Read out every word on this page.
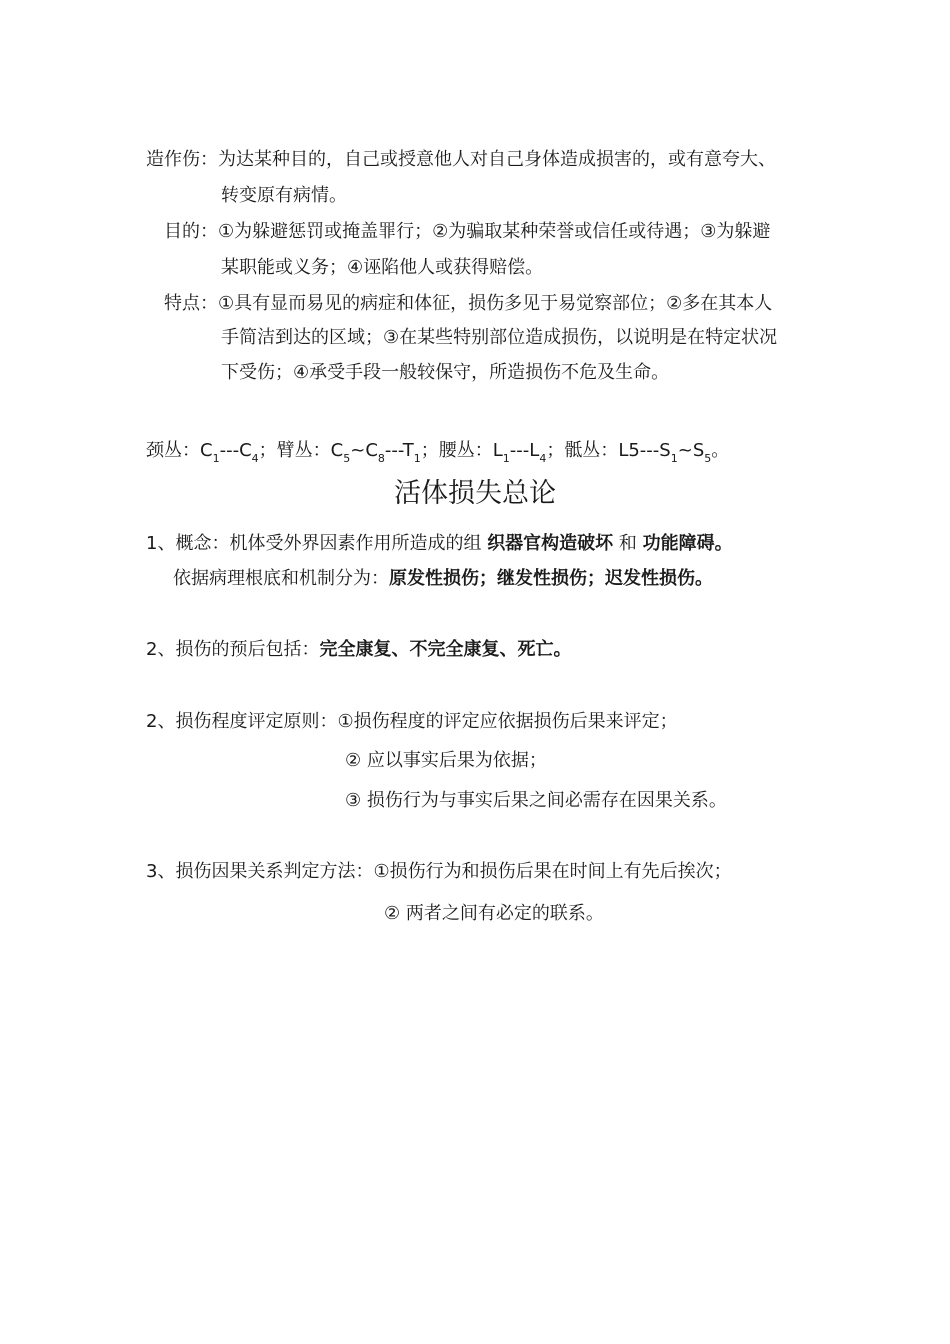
造作伤：为达某种目的，自己或授意他人对自己身体造成损害的，或有意夸大、
转变原有病情。
目的：①为躲避惩罚或掩盖罪行；②为骗取某种荣誉或信任或待遇；③为躲避
某职能或义务；④诬陷他人或获得赔偿。
特点：①具有显而易见的病症和体征，损伤多见于易觉察部位；②多在其本人
手简洁到达的区域；③在某些特别部位造成损伤，以说明是在特定状况
下受伤；④承受手段一般较保守，所造损伤不危及生命。
颈丛：$C_1---C_4$；臂丛：$C_5\sim C_8---T_1$；腰丛：$L_1---L_4$；骶丛：$L5---S_1\sim S_5$。
活体损失总论
1、概念：机体受外界因素作用所造成的组 织器官构造破坏 和 功能障碍。
依据病理根底和机制分为：原发性损伤；继发性损伤；迟发性损伤。
2、损伤的预后包括：完全康复、不完全康复、死亡。
2、损伤程度评定原则：①损伤程度的评定应依据损伤后果来评定；
② 应以事实后果为依据；
③ 损伤行为与事实后果之间必需存在因果关系。
3、损伤因果关系判定方法：①损伤行为和损伤后果在时间上有先后挨次；
② 两者之间有必定的联系。
